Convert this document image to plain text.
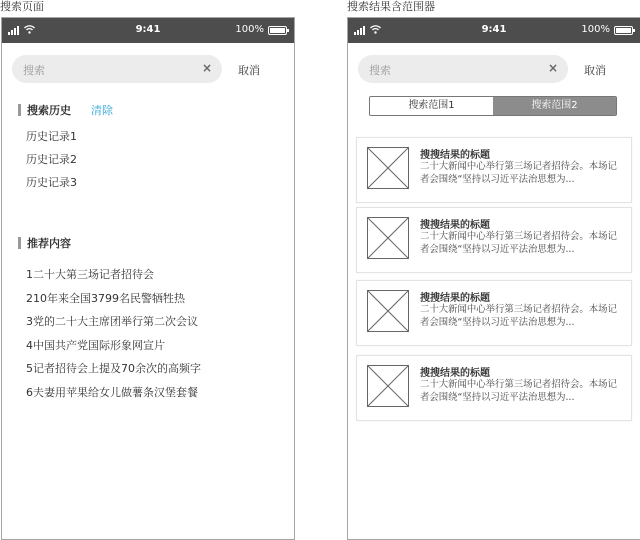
搜索页面	搜索结果含范围器
9:41	100%
搜索	× 取消
搜索历史 清除
历史记录1
历史记录2
历史记录3
推荐内容
1二十大第三场记者招待会
210年来全国3799名民警牺牲热
3党的二十大主席团举行第二次会议
4中国共产党国际形象网宣片
5记者招待会上提及70余次的高频字
6夫妻用苹果给女儿做薯条汉堡套餐
9:41	100%
搜索	× 取消
搜索范围1	搜索范围2
搜搜结果的标题
二十大新闻中心举行第三场记者招待会。本场记者会围绕“坚持以习近平法治思想为...
搜搜结果的标题
二十大新闻中心举行第三场记者招待会。本场记者会围绕“坚持以习近平法治思想为...
搜搜结果的标题
二十大新闻中心举行第三场记者招待会。本场记者会围绕“坚持以习近平法治思想为...
搜搜结果的标题
二十大新闻中心举行第三场记者招待会。本场记者会围绕“坚持以习近平法治思想为...
